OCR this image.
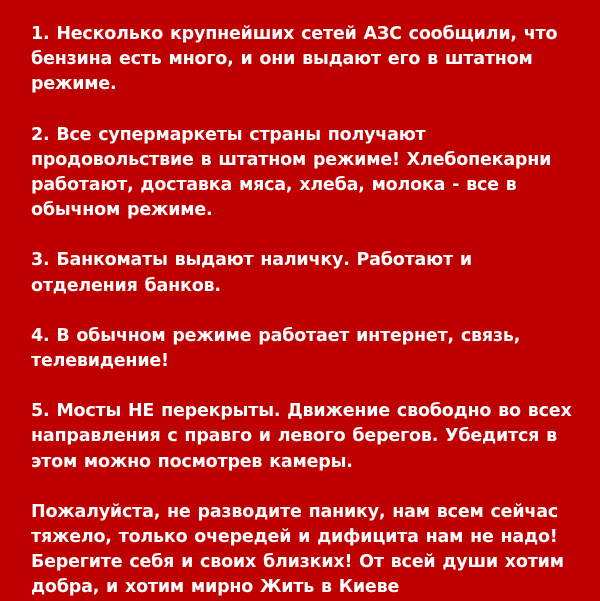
1. Несколько крупнейших сетей АЗС сообщили, что бензина есть много, и они выдают его в штатном режиме.

2. Все супермаркеты страны получают продовольствие в штатном режиме! Хлебопекарни работают, доставка мяса, хлеба, молока - все в обычном режиме.

3. Банкоматы выдают наличку. Работают и отделения банков.

4. В обычном режиме работает интернет, связь, телевидение!

5. Мосты НЕ перекрыты. Движение свободно во всех направления с правго и левого берегов. Убедится в этом можно посмотрев камеры.

Пожалуйста, не разводите панику, нам всем сейчас тяжело, только очередей и дифицита нам не надо! Берегите себя и своих близких! От всей души хотим добра, и хотим мирно Жить в Киеве
